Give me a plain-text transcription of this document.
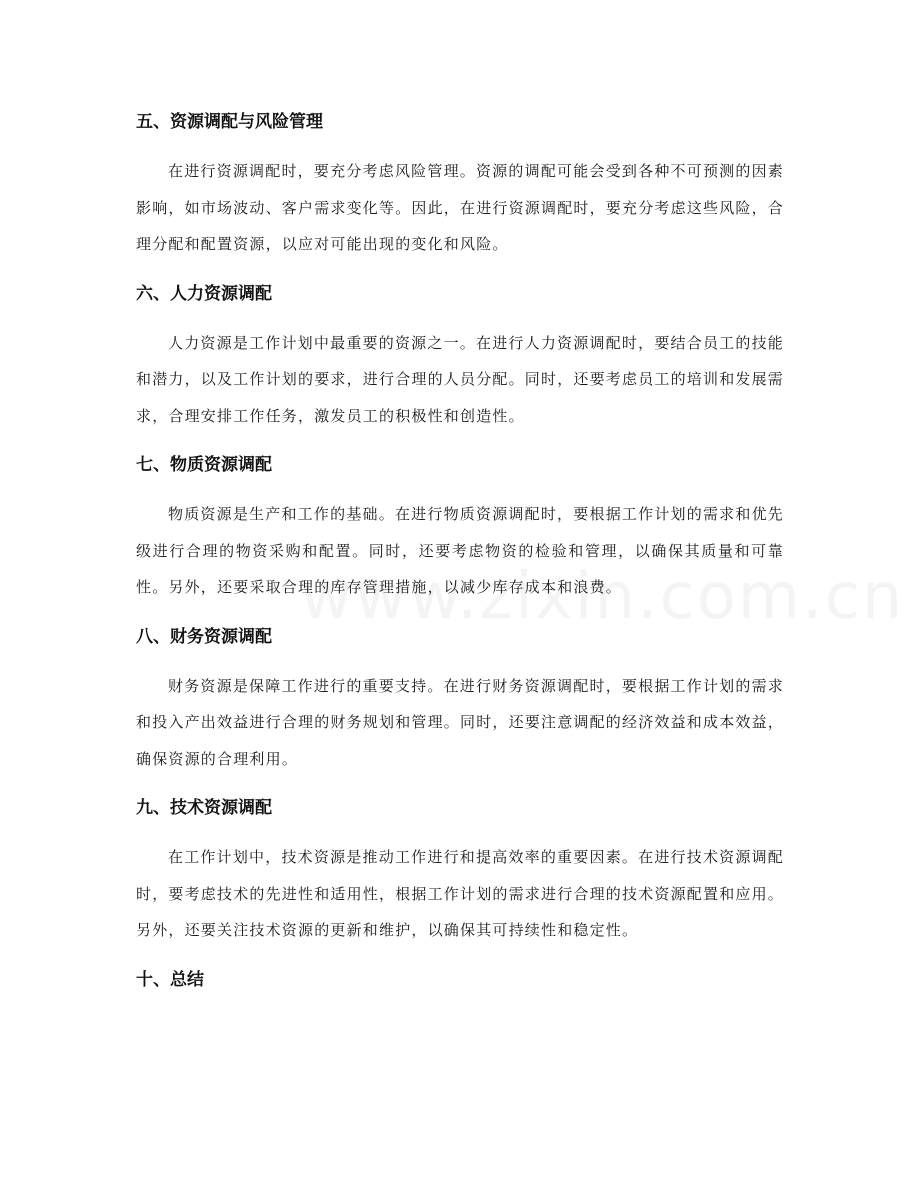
五、资源调配与风险管理

在进行资源调配时，要充分考虑风险管理。资源的调配可能会受到各种不可预测的因素影响，如市场波动、客户需求变化等。因此，在进行资源调配时，要充分考虑这些风险，合理分配和配置资源，以应对可能出现的变化和风险。

六、人力资源调配

人力资源是工作计划中最重要的资源之一。在进行人力资源调配时，要结合员工的技能和潜力，以及工作计划的要求，进行合理的人员分配。同时，还要考虑员工的培训和发展需求，合理安排工作任务，激发员工的积极性和创造性。

七、物质资源调配

物质资源是生产和工作的基础。在进行物质资源调配时，要根据工作计划的需求和优先级进行合理的物资采购和配置。同时，还要考虑物资的检验和管理，以确保其质量和可靠性。另外，还要采取合理的库存管理措施，以减少库存成本和浪费。

八、财务资源调配

财务资源是保障工作进行的重要支持。在进行财务资源调配时，要根据工作计划的需求和投入产出效益进行合理的财务规划和管理。同时，还要注意调配的经济效益和成本效益，确保资源的合理利用。

九、技术资源调配

在工作计划中，技术资源是推动工作进行和提高效率的重要因素。在进行技术资源调配时，要考虑技术的先进性和适用性，根据工作计划的需求进行合理的技术资源配置和应用。另外，还要关注技术资源的更新和维护，以确保其可持续性和稳定性。

十、总结
